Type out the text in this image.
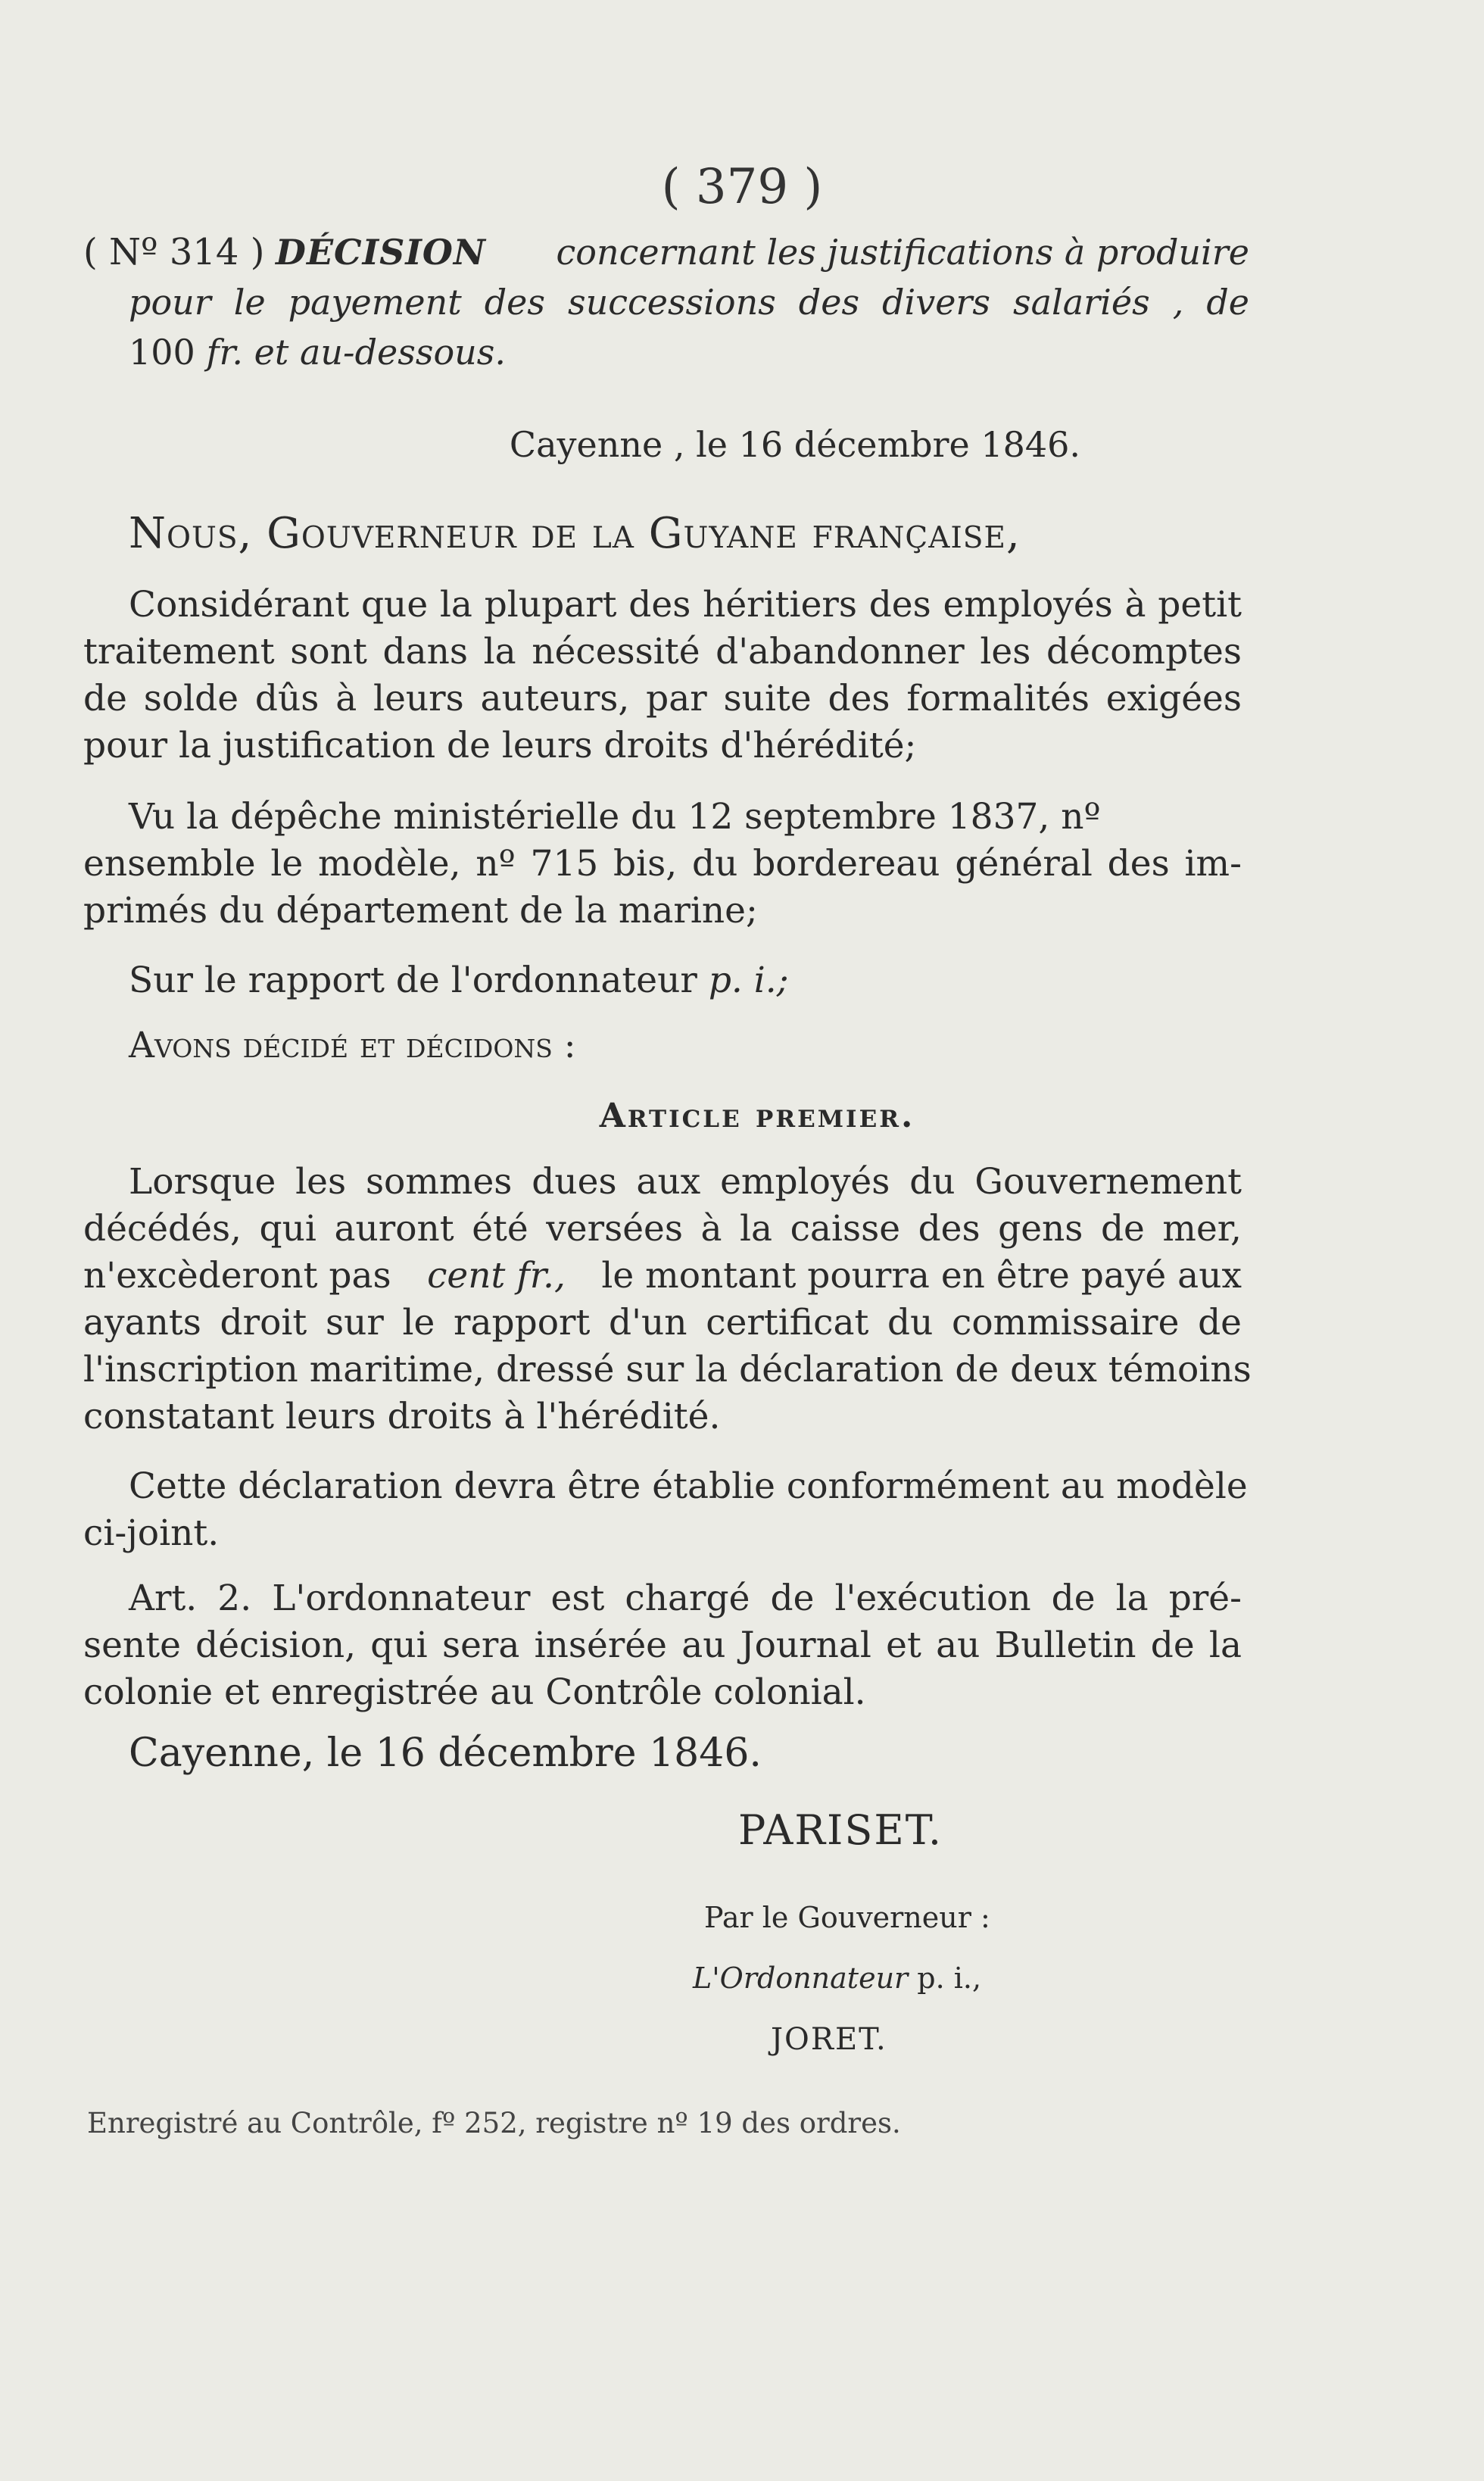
( 379 )
( Nº 314 ) DÉCISION concernant les justifications à produire
pour le payement des successions des divers salariés , de
100 fr. et au-dessous.
Cayenne , le 16 décembre 1846.
Nous, Gouverneur de la Guyane française,
Considérant que la plupart des héritiers des employés à petit
traitement sont dans la nécessité d'abandonner les décomptes
de solde dûs à leurs auteurs, par suite des formalités exigées
pour la justification de leurs droits d'hérédité;
Vu la dépêche ministérielle du 12 septembre 1837, nº
ensemble le modèle, nº 715 bis, du bordereau général des im-
primés du département de la marine;
Sur le rapport de l'ordonnateur p. i.;
Avons décidé et décidons :
Article premier.
Lorsque les sommes dues aux employés du Gouvernement
décédés, qui auront été versées à la caisse des gens de mer,
n'excèderont pas cent fr., le montant pourra en être payé aux
ayants droit sur le rapport d'un certificat du commissaire de
l'inscription maritime, dressé sur la déclaration de deux témoins
constatant leurs droits à l'hérédité.
Cette déclaration devra être établie conformément au modèle
ci-joint.
Art. 2. L'ordonnateur est chargé de l'exécution de la pré-
sente décision, qui sera insérée au Journal et au Bulletin de la
colonie et enregistrée au Contrôle colonial.
Cayenne, le 16 décembre 1846.
PARISET.
Par le Gouverneur :
L'Ordonnateur p. i.,
JORET.
Enregistré au Contrôle, fº 252, registre nº 19 des ordres.
